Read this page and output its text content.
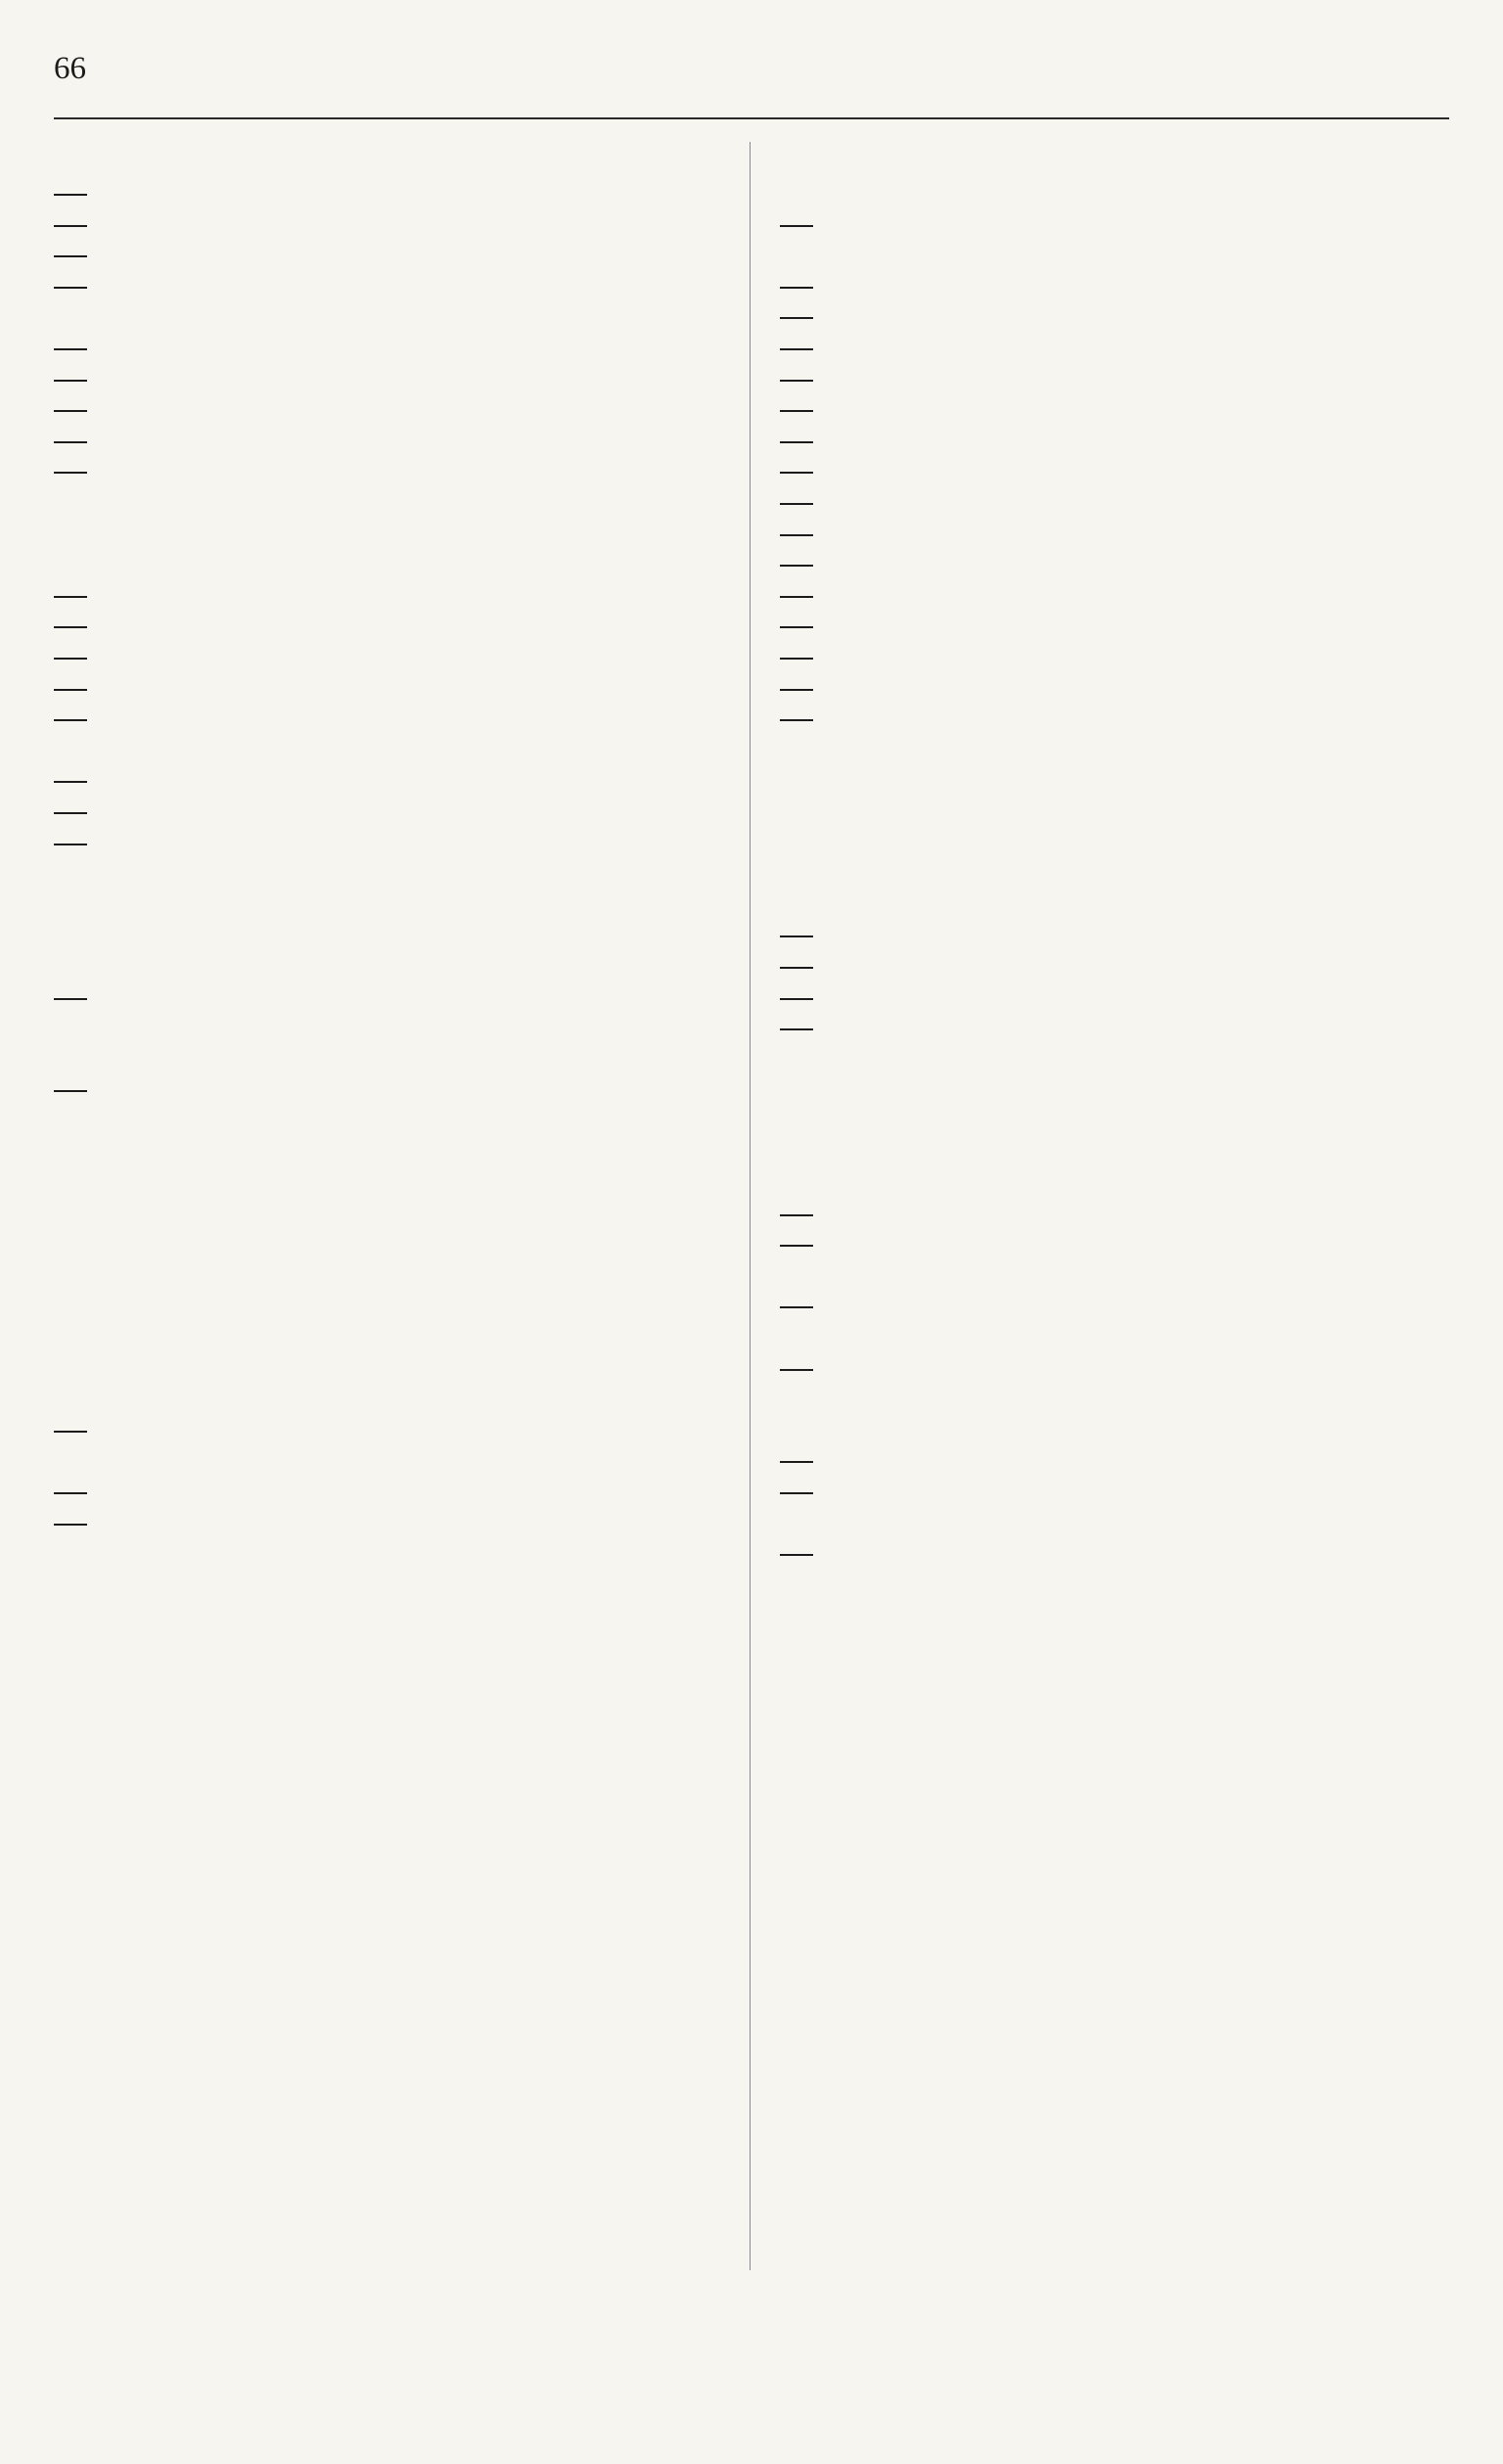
66
